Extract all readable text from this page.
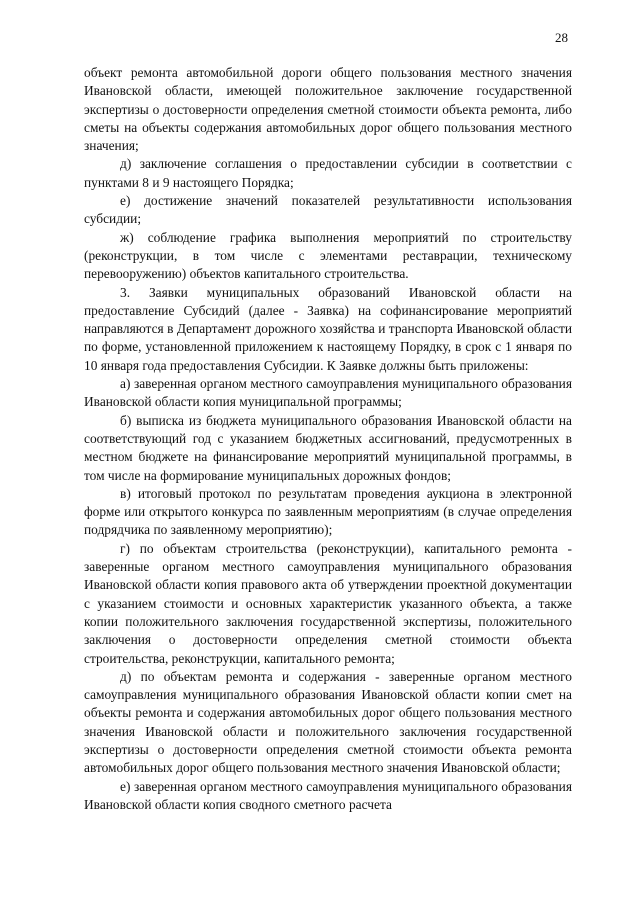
28

объект ремонта автомобильной дороги общего пользования местного значения Ивановской области, имеющей положительное заключение государственной экспертизы о достоверности определения сметной стоимости объекта ремонта, либо сметы на объекты содержания автомобильных дорог общего пользования местного значения;

д) заключение соглашения о предоставлении субсидии в соответствии с пунктами 8 и 9 настоящего Порядка;

е) достижение значений показателей результативности использования субсидии;

ж) соблюдение графика выполнения мероприятий по строительству (реконструкции, в том числе с элементами реставрации, техническому перевооружению) объектов капитального строительства.

3. Заявки муниципальных образований Ивановской области на предоставление Субсидий (далее - Заявка) на софинансирование мероприятий направляются в Департамент дорожного хозяйства и транспорта Ивановской области по форме, установленной приложением к настоящему Порядку, в срок с 1 января по 10 января года предоставления Субсидии. К Заявке должны быть приложены:

а) заверенная органом местного самоуправления муниципального образования Ивановской области копия муниципальной программы;

б) выписка из бюджета муниципального образования Ивановской области на соответствующий год с указанием бюджетных ассигнований, предусмотренных в местном бюджете на финансирование мероприятий муниципальной программы, в том числе на формирование муниципальных дорожных фондов;

в) итоговый протокол по результатам проведения аукциона в электронной форме или открытого конкурса по заявленным мероприятиям (в случае определения подрядчика по заявленному мероприятию);

г) по объектам строительства (реконструкции), капитального ремонта - заверенные органом местного самоуправления муниципального образования Ивановской области копия правового акта об утверждении проектной документации с указанием стоимости и основных характеристик указанного объекта, а также копии положительного заключения государственной экспертизы, положительного заключения о достоверности определения сметной стоимости объекта строительства, реконструкции, капитального ремонта;

д) по объектам ремонта и содержания - заверенные органом местного самоуправления муниципального образования Ивановской области копии смет на объекты ремонта и содержания автомобильных дорог общего пользования местного значения Ивановской области и положительного заключения государственной экспертизы о достоверности определения сметной стоимости объекта ремонта автомобильных дорог общего пользования местного значения Ивановской области;

е) заверенная органом местного самоуправления муниципального образования Ивановской области копия сводного сметного расчета
